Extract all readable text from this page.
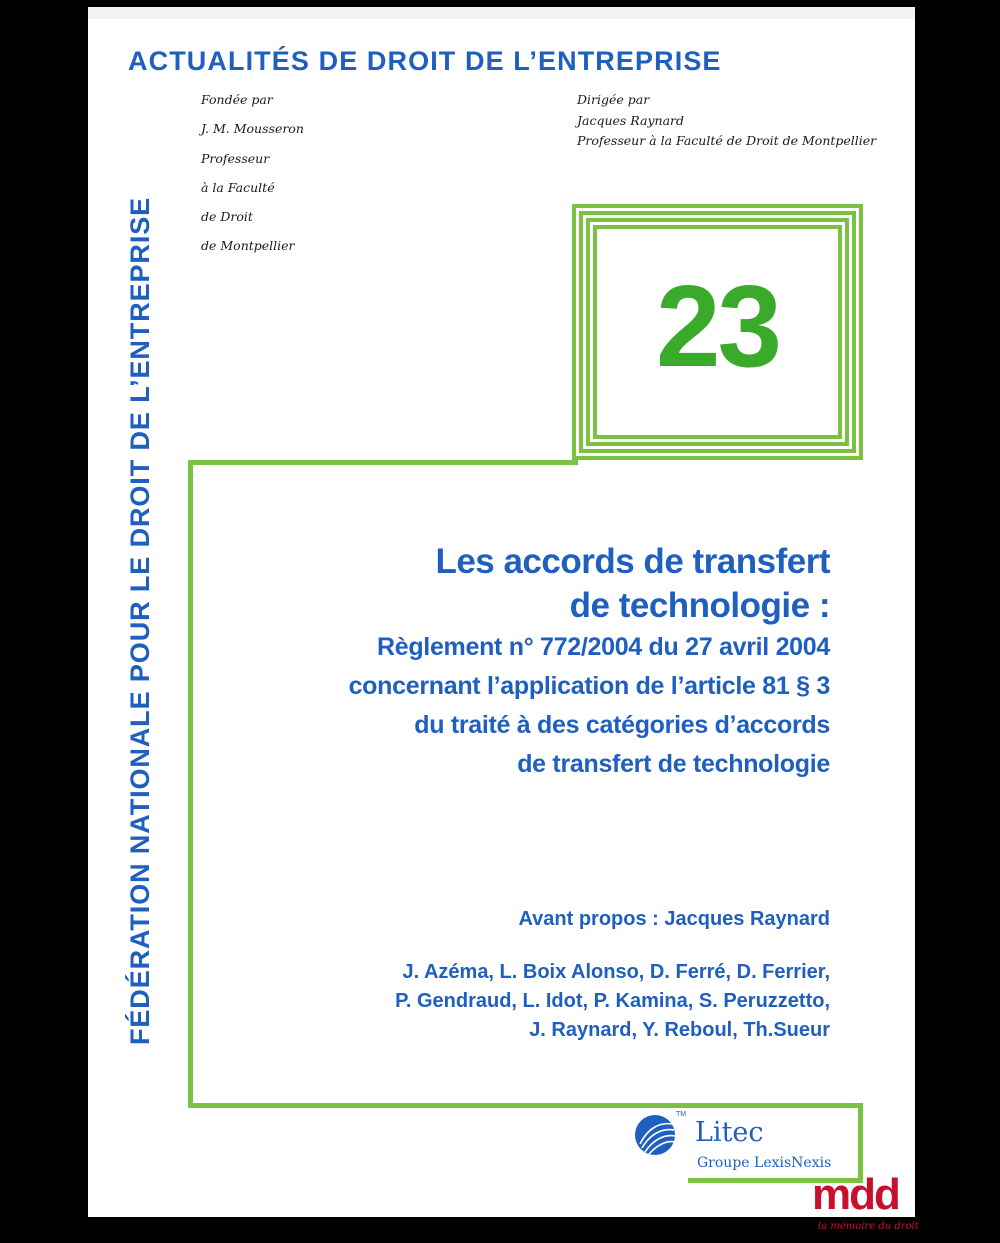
ACTUALITÉS DE DROIT DE L’ENTREPRISE
FÉDÉRATION NATIONALE POUR LE DROIT DE L’ENTREPRISE
Fondée par
J. M. Mousseron
Professeur
à la Faculté
de Droit
de Montpellier
Dirigée par
Jacques Raynard
Professeur à la Faculté de Droit de Montpellier
23
Les accords de transfert
de technologie :
Règlement n° 772/2004 du 27 avril 2004
concernant l’application de l’article 81 § 3
du traité à des catégories d’accords
de transfert de technologie
Avant propos : Jacques Raynard
J. Azéma, L. Boix Alonso, D. Ferré, D. Ferrier,
P. Gendraud, L. Idot, P. Kamina, S. Peruzzetto,
J. Raynard, Y. Reboul, Th.Sueur
TM
Litec
Groupe LexisNexis
mdd
la mémoire du droit
